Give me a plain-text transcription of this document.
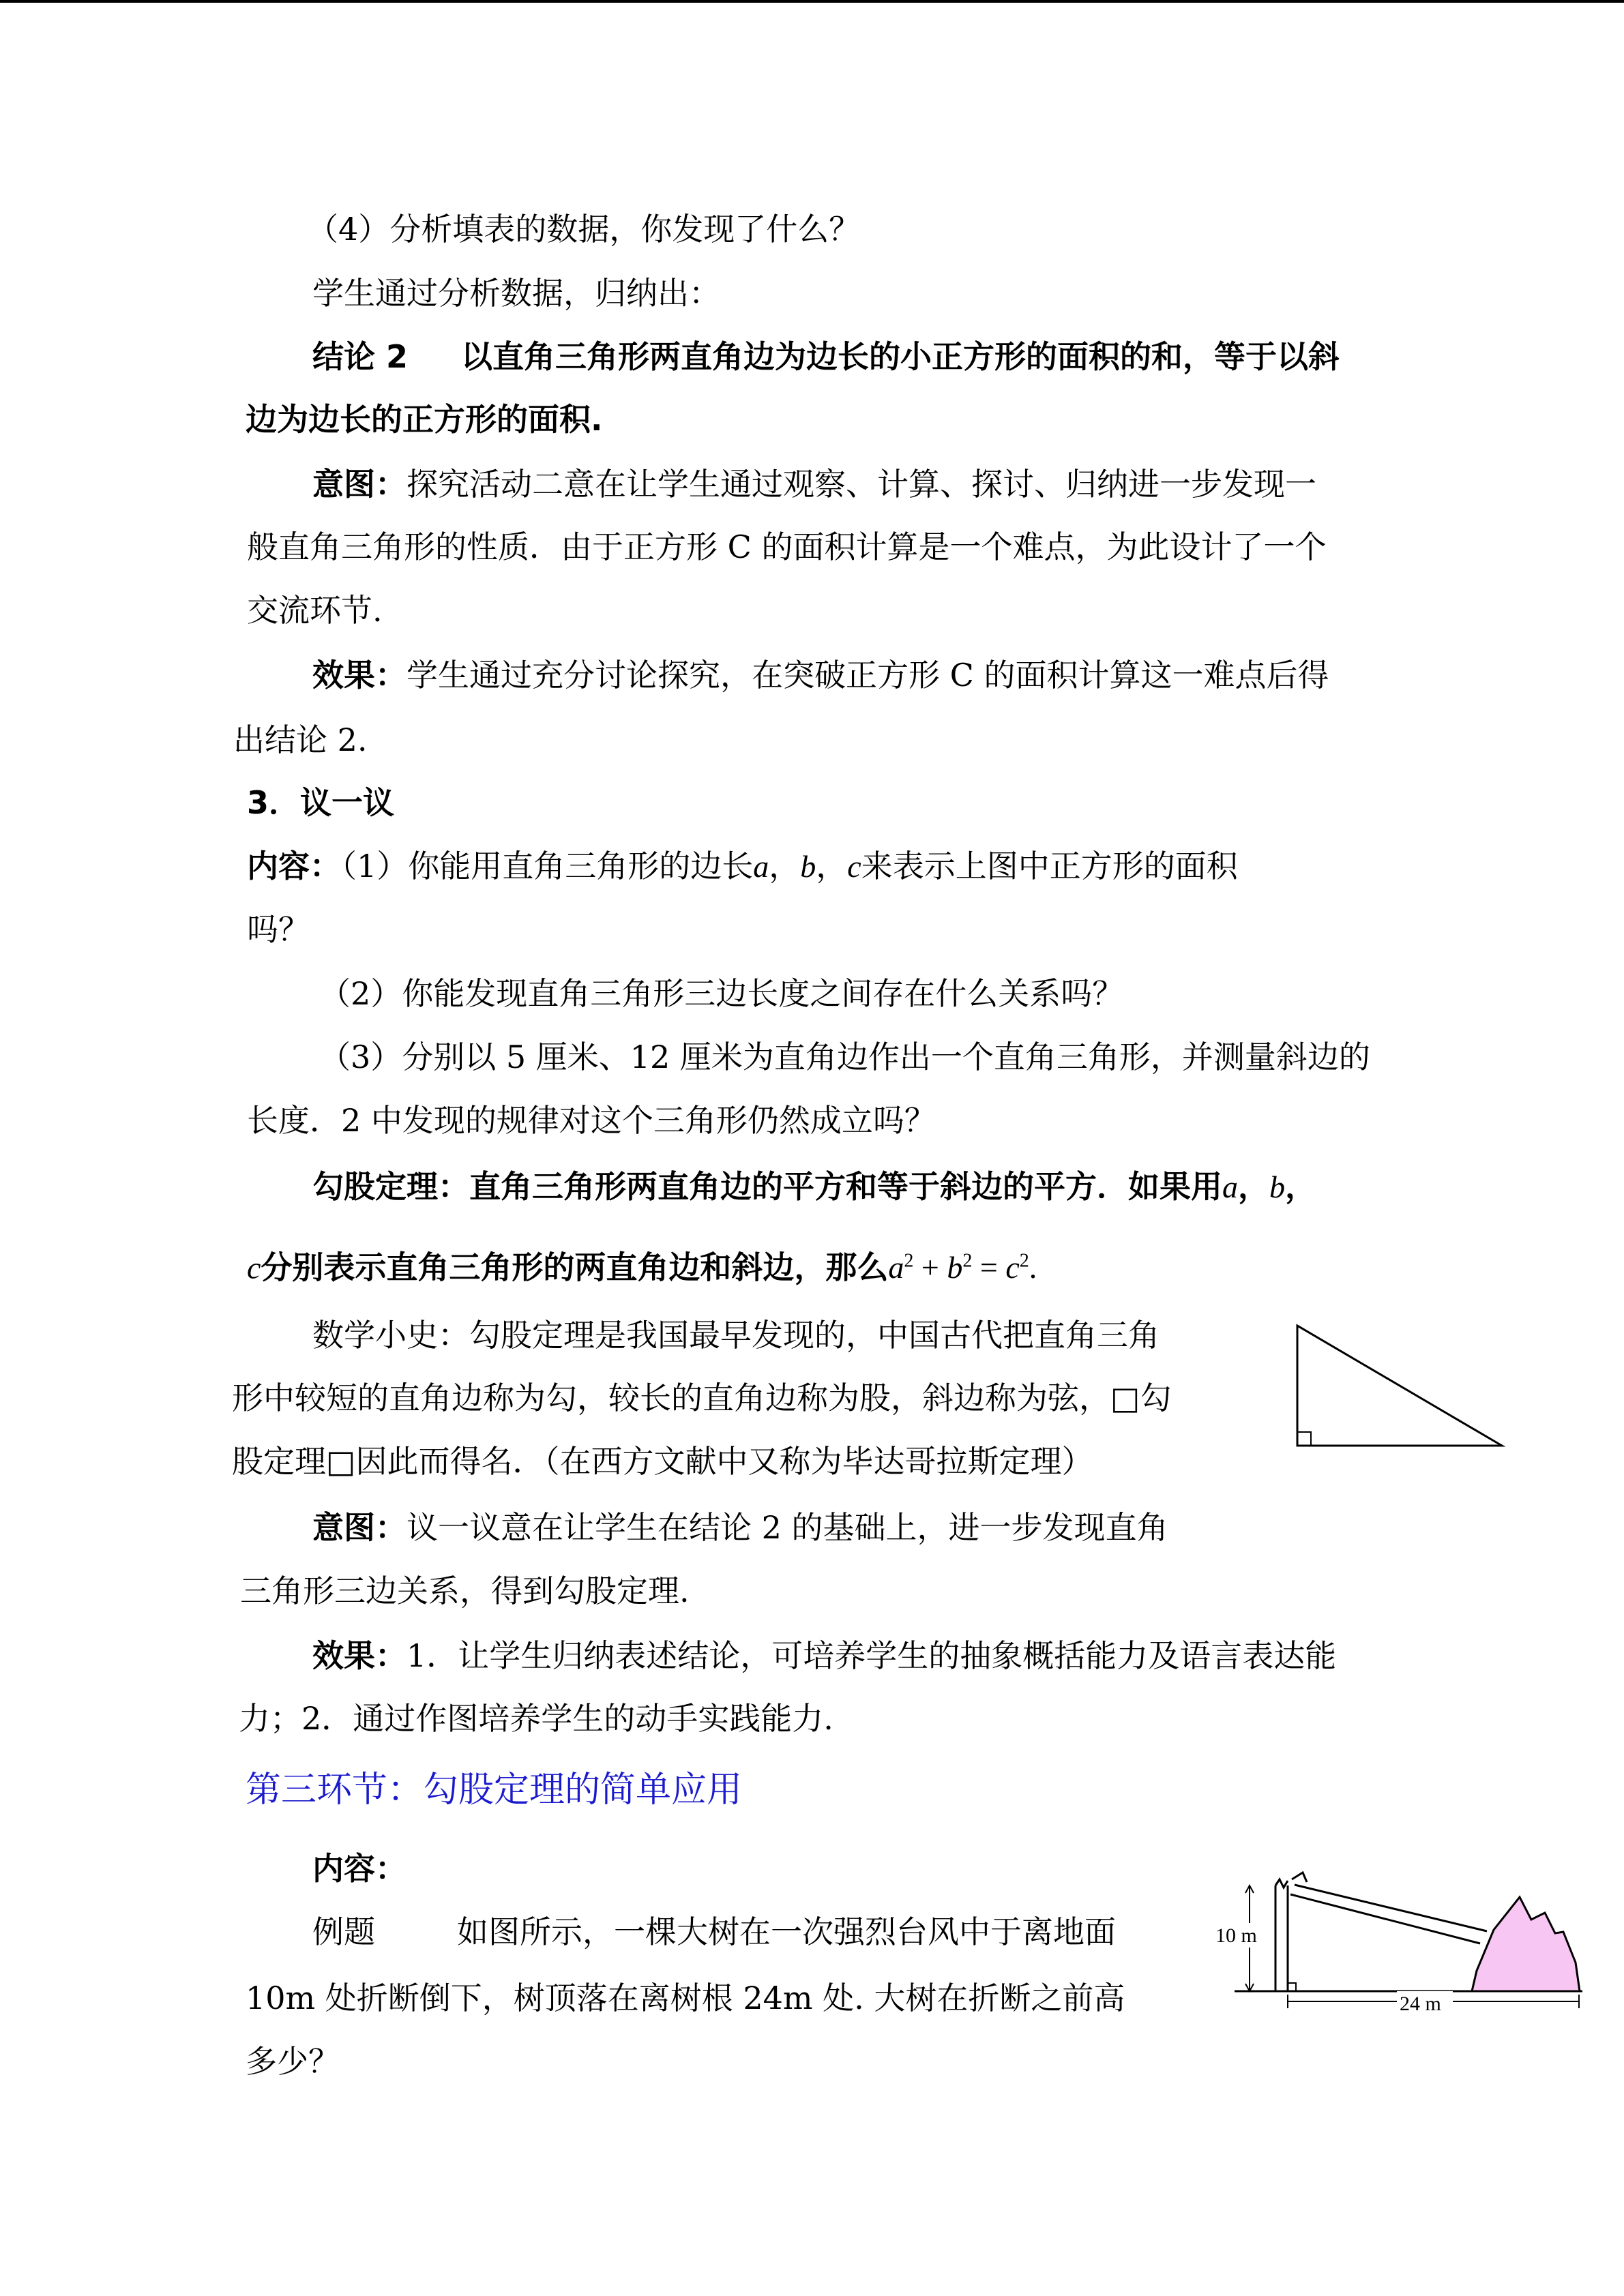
（4）分析填表的数据，你发现了什么？
学生通过分析数据，归纳出：
结论 2 以直角三角形两直角边为边长的小正方形的面积的和，等于以斜
边为边长的正方形的面积.
意图：探究活动二意在让学生通过观察、计算、探讨、归纳进一步发现一
般直角三角形的性质．由于正方形 C 的面积计算是一个难点，为此设计了一个
交流环节.
效果：学生通过充分讨论探究，在突破正方形 C 的面积计算这一难点后得
出结论 2.
3．议一议
内容：（1）你能用直角三角形的边长a，b，c来表示上图中正方形的面积
吗？
（2）你能发现直角三角形三边长度之间存在什么关系吗？
（3）分别以 5 厘米、12 厘米为直角边作出一个直角三角形，并测量斜边的
长度．2 中发现的规律对这个三角形仍然成立吗？
勾股定理：直角三角形两直角边的平方和等于斜边的平方．如果用a，b，
c分别表示直角三角形的两直角边和斜边，那么$a^2 + b^2 = c^2$.
数学小史：勾股定理是我国最早发现的，中国古代把直角三角
形中较短的直角边称为勾，较长的直角边称为股，斜边称为弦，□勾
股定理□因此而得名．（在西方文献中又称为毕达哥拉斯定理）
意图：议一议意在让学生在结论 2 的基础上，进一步发现直角
三角形三边关系，得到勾股定理.
效果：1．让学生归纳表述结论，可培养学生的抽象概括能力及语言表达能
力；2．通过作图培养学生的动手实践能力.
第三环节：勾股定理的简单应用
内容：
例题	如图所示，一棵大树在一次强烈台风中于离地面
10m 处折断倒下，树顶落在离树根 24m 处. 大树在折断之前高
多少？
10 m
24 m
